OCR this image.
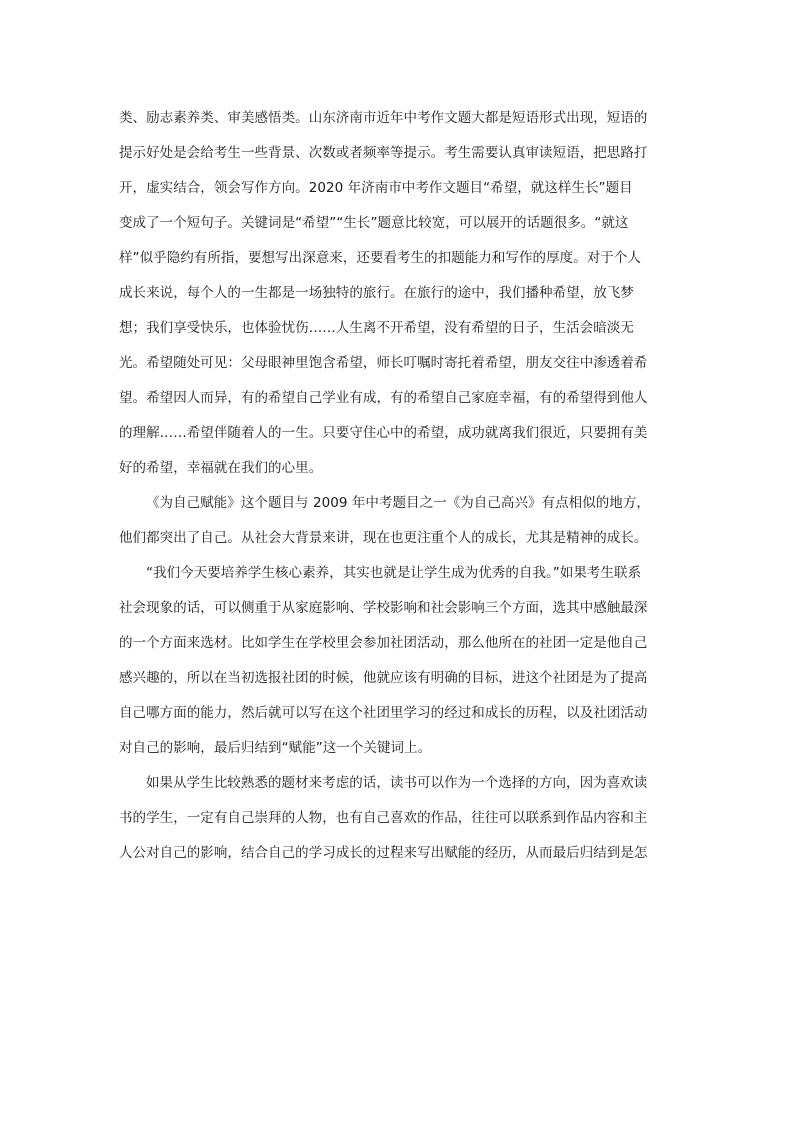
类、励志素养类、审美感悟类。山东济南市近年中考作文题大都是短语形式出现，短语的
提示好处是会给考生一些背景、次数或者频率等提示。考生需要认真审读短语，把思路打
开，虚实结合，领会写作方向。2020 年济南市中考作文题目“希望，就这样生长”题目
变成了一个短句子。关键词是“希望”“生长”题意比较宽，可以展开的话题很多。“就这
样”似乎隐约有所指，要想写出深意来，还要看考生的扣题能力和写作的厚度。对于个人
成长来说，每个人的一生都是一场独特的旅行。在旅行的途中，我们播种希望，放飞梦
想；我们享受快乐，也体验忧伤……人生离不开希望，没有希望的日子，生活会暗淡无
光。希望随处可见：父母眼神里饱含希望，师长叮嘱时寄托着希望，朋友交往中渗透着希
望。希望因人而异，有的希望自己学业有成，有的希望自己家庭幸福，有的希望得到他人
的理解……希望伴随着人的一生。只要守住心中的希望，成功就离我们很近，只要拥有美
好的希望，幸福就在我们的心里。
《为自己赋能》这个题目与 2009 年中考题目之一《为自己高兴》有点相似的地方，
他们都突出了自己。从社会大背景来讲，现在也更注重个人的成长，尤其是精神的成长。
“我们今天要培养学生核心素养，其实也就是让学生成为优秀的自我。”如果考生联系
社会现象的话，可以侧重于从家庭影响、学校影响和社会影响三个方面，选其中感触最深
的一个方面来选材。比如学生在学校里会参加社团活动，那么他所在的社团一定是他自己
感兴趣的，所以在当初选报社团的时候，他就应该有明确的目标，进这个社团是为了提高
自己哪方面的能力，然后就可以写在这个社团里学习的经过和成长的历程，以及社团活动
对自己的影响，最后归结到“赋能”这一个关键词上。
如果从学生比较熟悉的题材来考虑的话，读书可以作为一个选择的方向，因为喜欢读
书的学生，一定有自己崇拜的人物，也有自己喜欢的作品，往往可以联系到作品内容和主
人公对自己的影响，结合自己的学习成长的过程来写出赋能的经历，从而最后归结到是怎
